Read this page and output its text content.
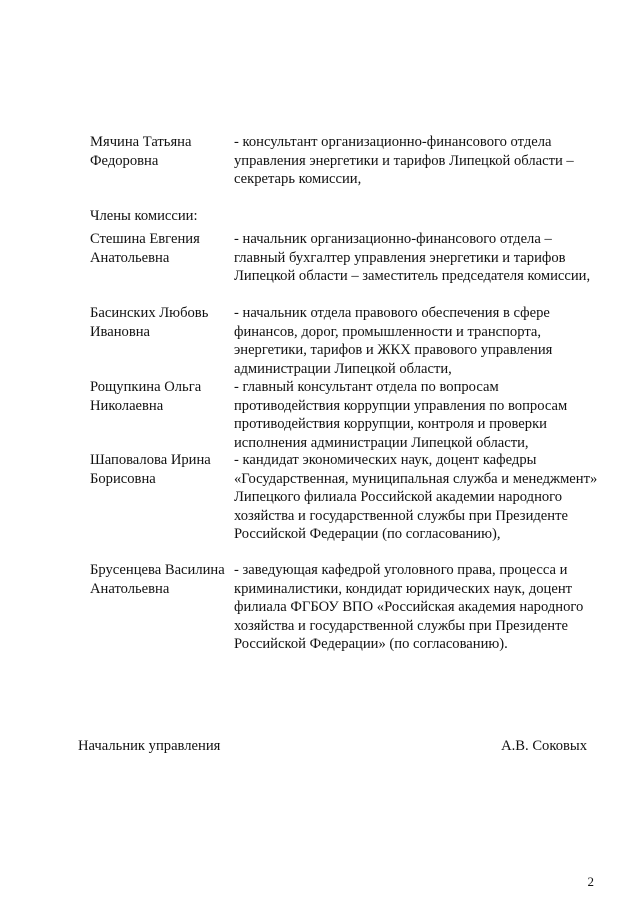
Мячина Татьяна Федоровна
- консультант организационно-финансового отдела управления энергетики и тарифов Липецкой области – секретарь комиссии,
Члены комиссии:
Стешина Евгения Анатольевна
- начальник организационно-финансового отдела – главный бухгалтер управления энергетики и тарифов Липецкой области – заместитель председателя комиссии,
Басинских Любовь Ивановна
- начальник отдела правового обеспечения в сфере финансов, дорог, промышленности и транспорта, энергетики, тарифов и ЖКХ правового управления администрации Липецкой области,
Рощупкина Ольга Николаевна
- главный консультант отдела по вопросам противодействия коррупции управления по вопросам противодействия коррупции, контроля и проверки исполнения администрации Липецкой области,
Шаповалова Ирина Борисовна
- кандидат экономических наук, доцент кафедры «Государственная, муниципальная служба и менеджмент» Липецкого филиала Российской академии народного хозяйства и государственной службы при Президенте Российской Федерации (по согласованию),
Брусенцева Василина Анатольевна
- заведующая кафедрой уголовного права, процесса и криминалистики, кондидат юридических наук, доцент филиала ФГБОУ ВПО «Российская академия народного хозяйства и государственной службы при Президенте Российской Федерации» (по согласованию).
Начальник управления	А.В. Соковых
2
